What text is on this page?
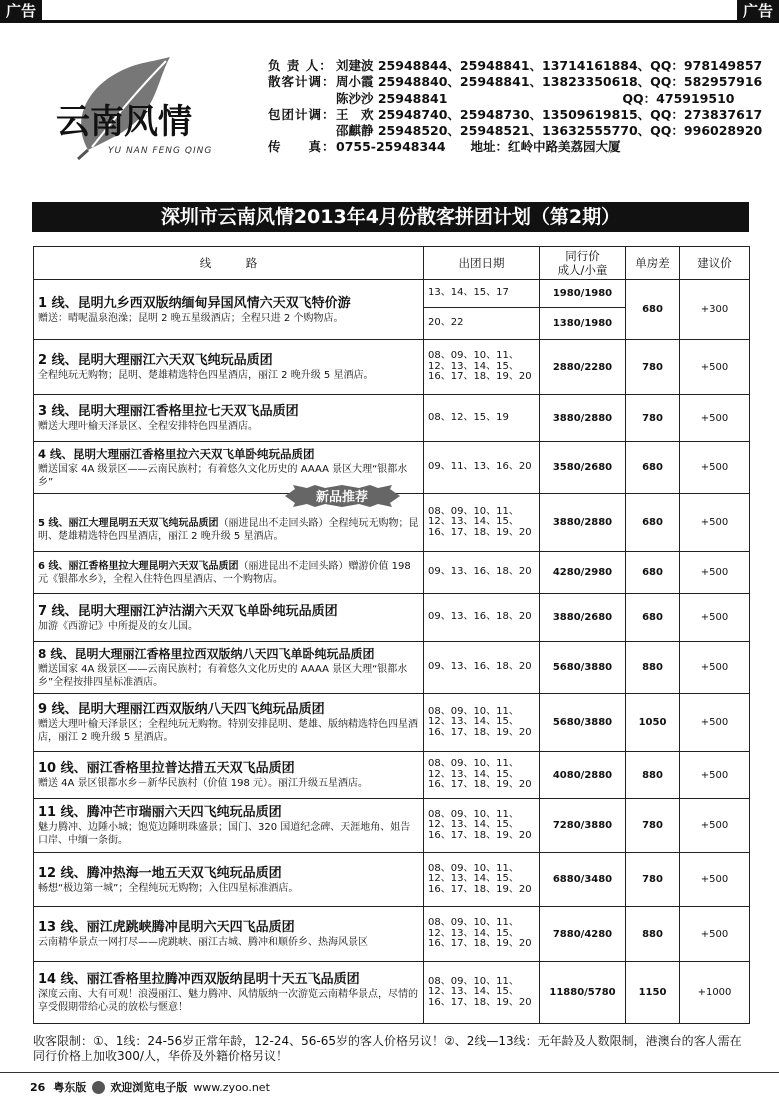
广告	广告
云南风情
YU NAN FENG QING
负 责 人： 刘建波 25948844、25948841、13714161884、QQ：978149857
散客计调： 周小霞 25948840、25948841、13823350618、QQ：582957916
陈沙沙 25948841　　　　　　　　　　　　　　QQ：475919510
包团计调： 王　欢 25948740、25948730、13509619815、QQ：273837617
邵麒静 25948520、25948521、13632555770、QQ：996028920
传　　真： 0755-25948344　　地址：红岭中路美荔园大厦
深圳市云南风情2013年4月份散客拼团计划（第2期）
线　　　路	出团日期	同行价
成人/小童	单房差	建议价

1 线、昆明九乡西双版纳缅甸异国风情六天双飞特价游
赠送：晴呢温泉泡澡；昆明 2 晚五星级酒店；全程只进 2 个购物店。	13、14、15、17	1980/1980	680	+300
	20、22	1380/1980		

2 线、昆明大理丽江六天双飞纯玩品质团
全程纯玩无购物；昆明、楚雄精选特色四星酒店，丽江 2 晚升级 5 星酒店。	08、09、10、11、12、13、14、15、16、17、18、19、20	2880/2280	780	+500

3 线、昆明大理丽江香格里拉七天双飞品质团
赠送大理叶榆天泽景区、全程安排特色四星酒店。	08、12、15、19	3880/2880	780	+500

4 线、昆明大理丽江香格里拉六天双飞单卧纯玩品质团
赠送国家 4A 级景区——云南民族村；有着悠久文化历史的 AAAA 景区大理“银都水乡”	09、11、13、16、20	3580/2680	680	+500

5 线、丽江大理昆明五天双飞纯玩品质团（丽进昆出不走回头路）全程纯玩无购物；昆明、楚雄精选特色四星酒店，丽江 2 晚升级 5 星酒店。	08、09、10、11、12、13、14、15、16、17、18、19、20	3880/2880	680	+500

6 线、丽江香格里拉大理昆明六天双飞品质团（丽进昆出不走回头路）赠游价值 198 元《银都水乡》，全程入住特色四星酒店、一个购物店。	09、13、16、18、20	4280/2980	680	+500

7 线、昆明大理丽江泸沽湖六天双飞单卧纯玩品质团
加游《西游记》中所提及的女儿国。	09、13、16、18、20	3880/2680	680	+500

8 线、昆明大理丽江香格里拉西双版纳八天四飞单卧纯玩品质团
赠送国家 4A 级景区——云南民族村；有着悠久文化历史的 AAAA 景区大理“银都水乡”全程按排四星标准酒店。	09、13、16、18、20	5680/3880	880	+500

9 线、昆明大理丽江西双版纳八天四飞纯玩品质团
赠送大理叶榆天泽景区；全程纯玩无购物。特别安排昆明、楚雄、版纳精选特色四星酒店，丽江 2 晚升级 5 星酒店。	08、09、10、11、12、13、14、15、16、17、18、19、20	5680/3880	1050	+500

10 线、丽江香格里拉普达措五天双飞品质团
赠送 4A 景区银都水乡－新华民族村（价值 198 元）。丽江升级五星酒店。	08、09、10、11、12、13、14、15、16、17、18、19、20	4080/2880	880	+500

11 线、腾冲芒市瑞丽六天四飞纯玩品质团
魅力腾冲、边陲小城；饱览边陲明珠盛景；国门、320 国道纪念碑、天涯地角、姐告口岸、中缅一条街。	08、09、10、11、12、13、14、15、16、17、18、19、20	7280/3880	780	+500

12 线、腾冲热海一地五天双飞纯玩品质团
畅想“极边第一城”；全程纯玩无购物；入住四星标准酒店。	08、09、10、11、12、13、14、15、16、17、18、19、20	6880/3480	780	+500

13 线、丽江虎跳峡腾冲昆明六天四飞品质团
云南精华景点一网打尽——虎跳峡、丽江古城、腾冲和顺侨乡、热海风景区	08、09、10、11、12、13、14、15、16、17、18、19、20	7880/4280	880	+500

14 线、丽江香格里拉腾冲西双版纳昆明十天五飞品质团
深度云南、大有可观！浪漫丽江、魅力腾冲、风情版纳一次游览云南精华景点，尽情的享受假期带给心灵的放松与惬意！	08、09、10、11、12、13、14、15、16、17、18、19、20	11880/5780	1150	+1000
新品推荐
收客限制：①、1线：24-56岁正常年龄，12-24、56-65岁的客人价格另议！②、2线—13线：无年龄及人数限制，港澳台的客人需在同行价格上加收300/人，华侨及外籍价格另议！
26 粤东版 欢迎浏览电子版 www.zyoo.net
